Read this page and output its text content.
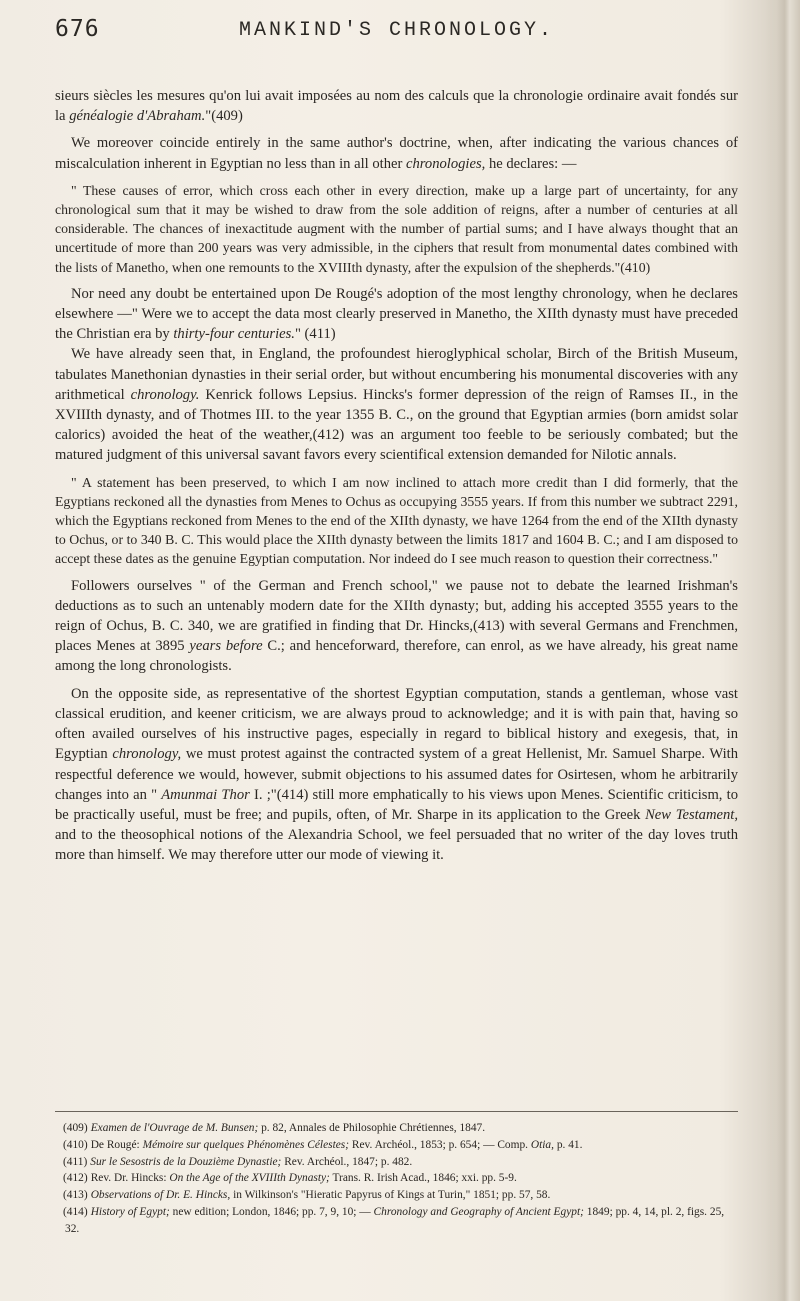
676	MANKIND'S CHRONOLOGY.

sieurs siècles les mesures qu'on lui avait imposées au nom des calculs que la chronologie ordinaire avait fondés sur la généalogie d'Abraham."(409)

We moreover coincide entirely in the same author's doctrine, when, after indicating the various chances of miscalculation inherent in Egyptian no less than in all other chronologies, he declares: —

" These causes of error, which cross each other in every direction, make up a large part of uncertainty, for any chronological sum that it may be wished to draw from the sole addition of reigns, after a number of centuries at all considerable. The chances of inexactitude augment with the number of partial sums; and I have always thought that an uncertitude of more than 200 years was very admissible, in the ciphers that result from monumental dates combined with the lists of Manetho, when one remounts to the XVIIIth dynasty, after the expulsion of the shepherds."(410)

Nor need any doubt be entertained upon De Rougé's adoption of the most lengthy chronology, when he declares elsewhere —" Were we to accept the data most clearly preserved in Manetho, the XIIth dynasty must have preceded the Christian era by thirty-four centuries." (411)

We have already seen that, in England, the profoundest hieroglyphical scholar, Birch of the British Museum, tabulates Manethonian dynasties in their serial order, but without encumbering his monumental discoveries with any arithmetical chronology. Kenrick follows Lepsius. Hincks's former depression of the reign of Ramses II., in the XVIIIth dynasty, and of Thotmes III. to the year 1355 B. C., on the ground that Egyptian armies (born amidst solar calorics) avoided the heat of the weather,(412) was an argument too feeble to be seriously combated; but the matured judgment of this universal savant favors every scientifical extension demanded for Nilotic annals.

" A statement has been preserved, to which I am now inclined to attach more credit than I did formerly, that the Egyptians reckoned all the dynasties from Menes to Ochus as occupying 3555 years. If from this number we subtract 2291, which the Egyptians reckoned from Menes to the end of the XIIth dynasty, we have 1264 from the end of the XIIth dynasty to Ochus, or to 340 B. C. This would place the XIIth dynasty between the limits 1817 and 1604 B. C.; and I am disposed to accept these dates as the genuine Egyptian computation. Nor indeed do I see much reason to question their correctness."

Followers ourselves " of the German and French school," we pause not to debate the learned Irishman's deductions as to such an untenably modern date for the XIIth dynasty; but, adding his accepted 3555 years to the reign of Ochus, B. C. 340, we are gratified in finding that Dr. Hincks,(413) with several Germans and Frenchmen, places Menes at 3895 years before C.; and henceforward, therefore, can enrol, as we have already, his great name among the long chronologists.

On the opposite side, as representative of the shortest Egyptian computation, stands a gentleman, whose vast classical erudition, and keener criticism, we are always proud to acknowledge; and it is with pain that, having so often availed ourselves of his instructive pages, especially in regard to biblical history and exegesis, that, in Egyptian chronology, we must protest against the contracted system of a great Hellenist, Mr. Samuel Sharpe. With respectful deference we would, however, submit objections to his assumed dates for Osirtesen, whom he arbitrarily changes into an " Amunmai Thor I. ;"(414) still more emphatically to his views upon Menes. Scientific criticism, to be practically useful, must be free; and pupils, often, of Mr. Sharpe in its application to the Greek New Testament, and to the theosophical notions of the Alexandria School, we feel persuaded that no writer of the day loves truth more than himself. We may therefore utter our mode of viewing it.

(409) Examen de l'Ouvrage de M. Bunsen; p. 82, Annales de Philosophie Chrétiennes, 1847.

(410) De Rougé: Mémoire sur quelques Phénomènes Célestes; Rev. Archéol., 1853; p. 654; — Comp. Otia, p. 41.

(411) Sur le Sesostris de la Douzième Dynastie; Rev. Archéol., 1847; p. 482.

(412) Rev. Dr. Hincks: On the Age of the XVIIIth Dynasty; Trans. R. Irish Acad., 1846; xxi. pp. 5-9.

(413) Observations of Dr. E. Hincks, in Wilkinson's "Hieratic Papyrus of Kings at Turin," 1851; pp. 57, 58.

(414) History of Egypt; new edition; London, 1846; pp. 7, 9, 10; — Chronology and Geography of Ancient Egypt; 1849; pp. 4, 14, pl. 2, figs. 25, 32.
